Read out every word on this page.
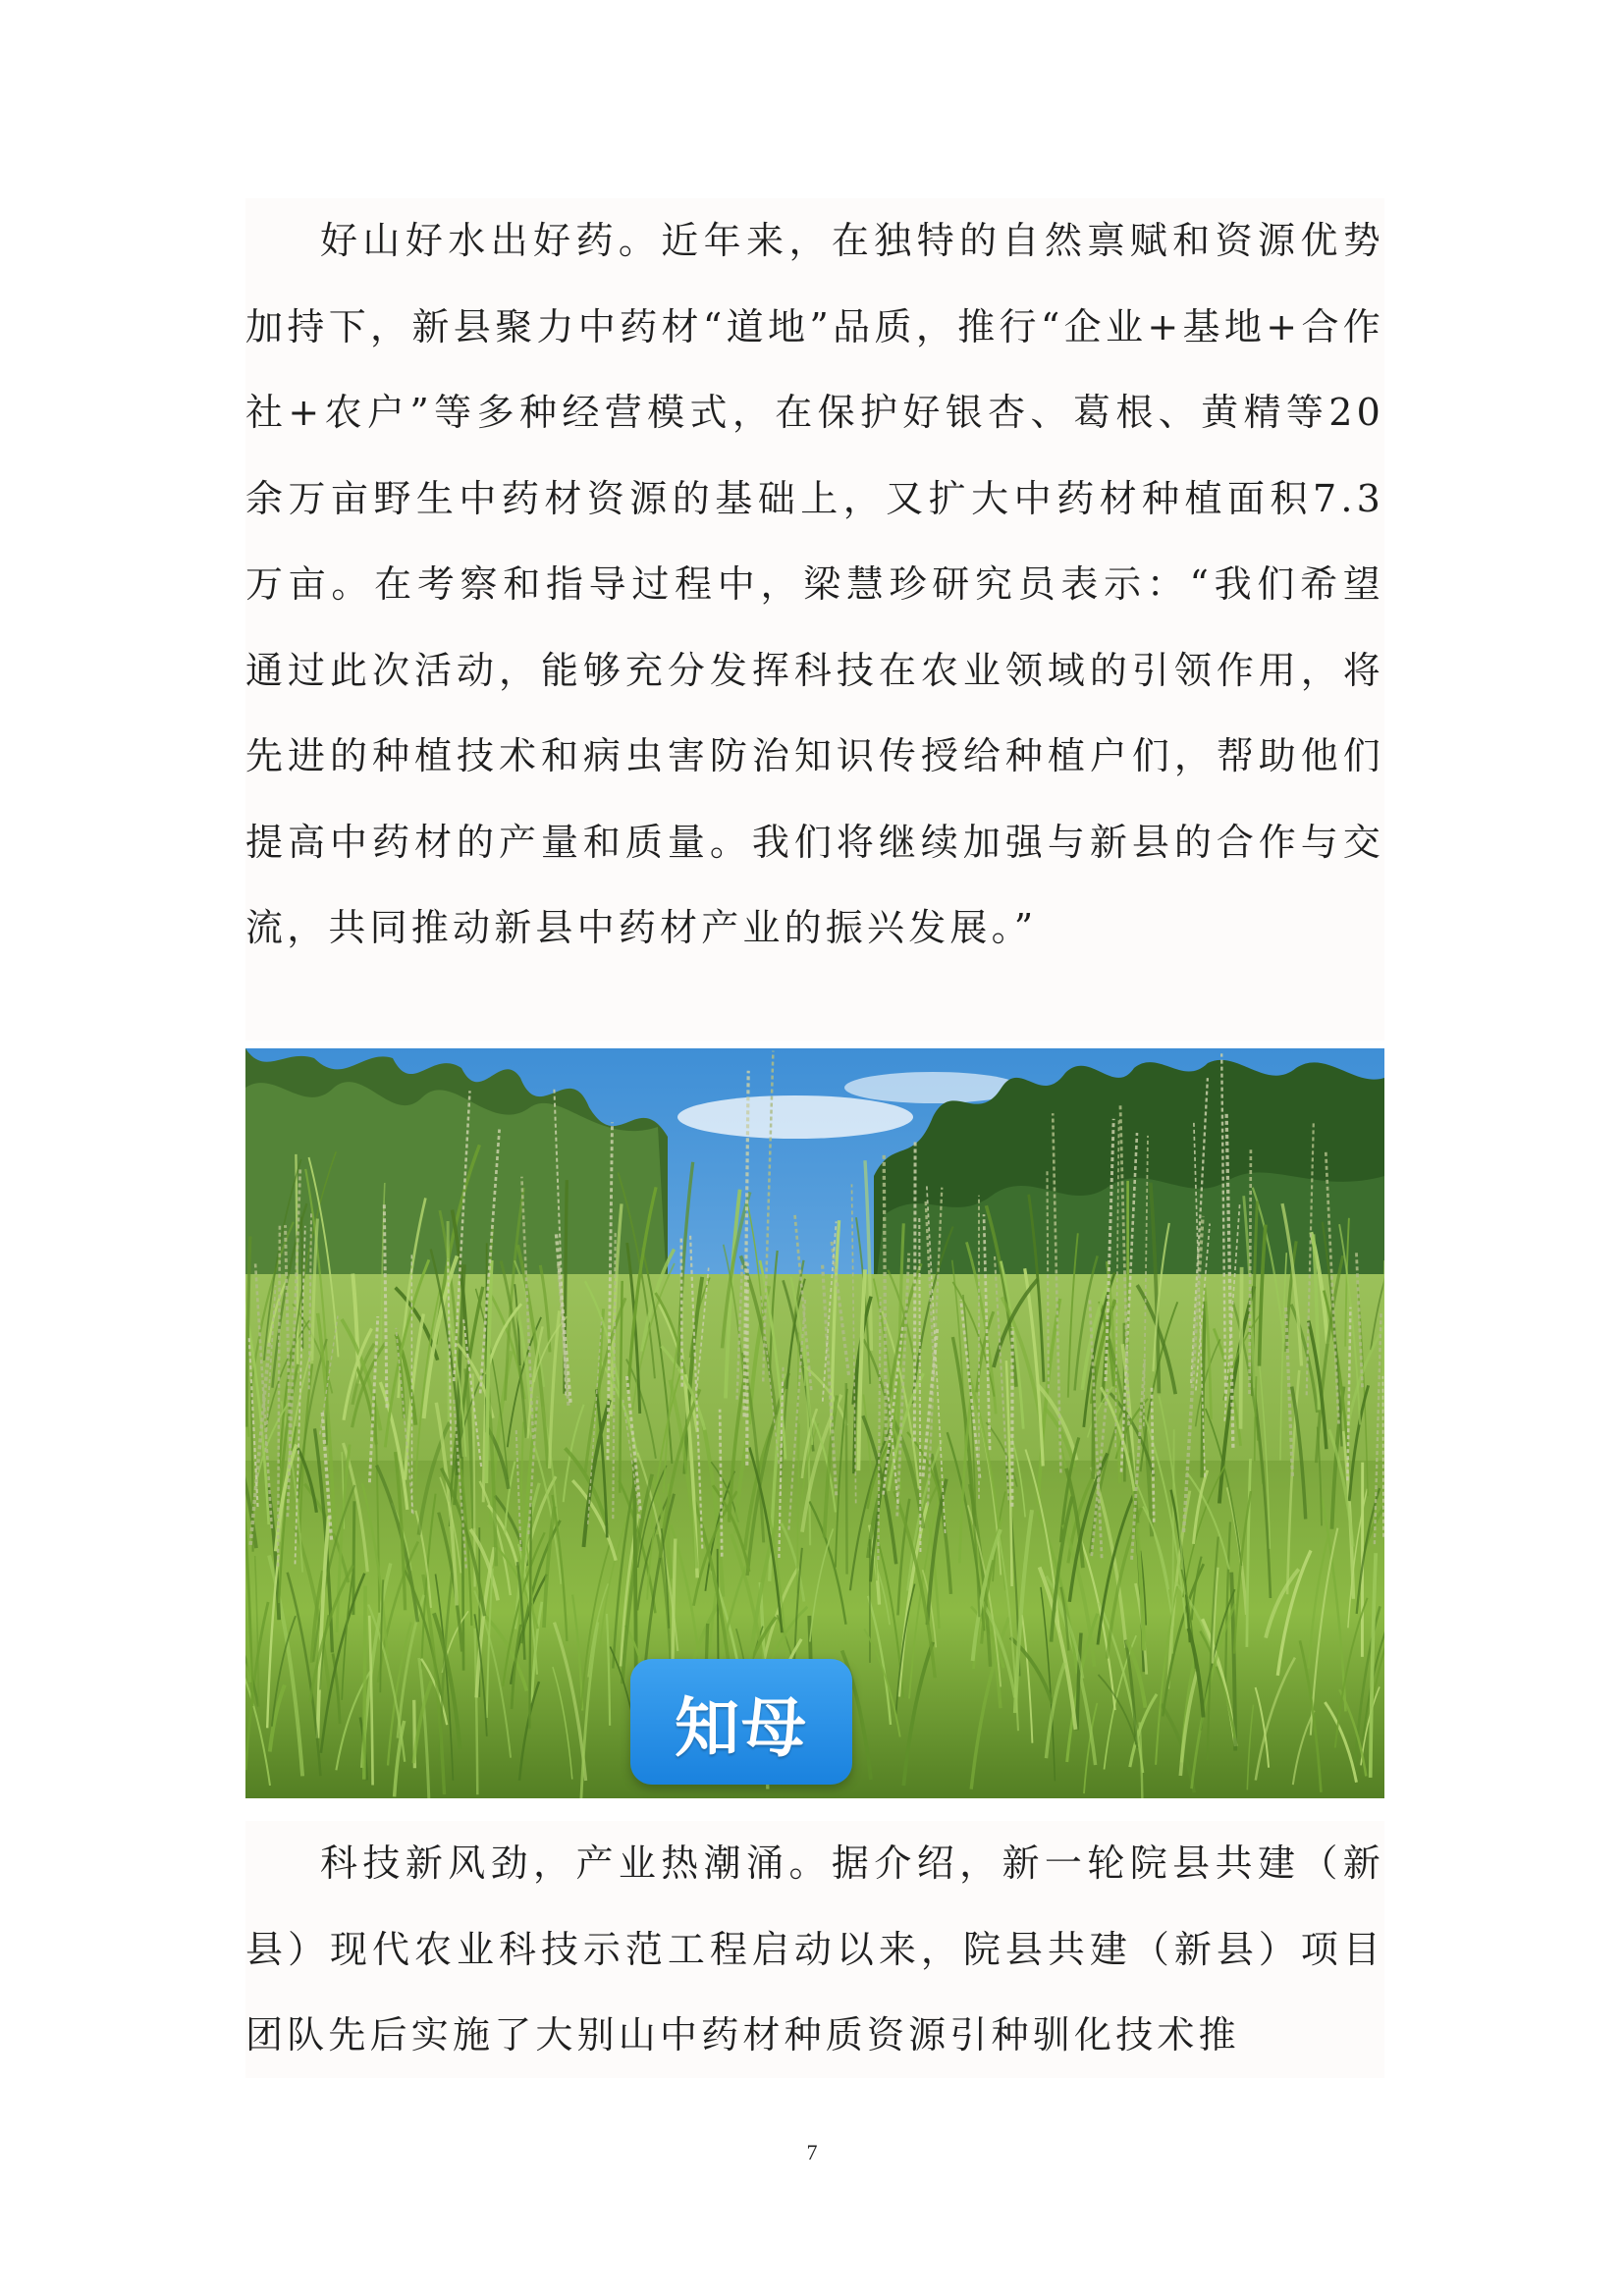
好山好水出好药。近年来，在独特的自然禀赋和资源优势加持下，新县聚力中药材“道地”品质，推行“企业+基地+合作社+农户”等多种经营模式，在保护好银杏、葛根、黄精等20余万亩野生中药材资源的基础上，又扩大中药材种植面积7.3万亩。在考察和指导过程中，梁慧珍研究员表示：“我们希望通过此次活动，能够充分发挥科技在农业领域的引领作用，将先进的种植技术和病虫害防治知识传授给种植户们，帮助他们提高中药材的产量和质量。我们将继续加强与新县的合作与交流，共同推动新县中药材产业的振兴发展。”

知母

科技新风劲，产业热潮涌。据介绍，新一轮院县共建（新县）现代农业科技示范工程启动以来，院县共建（新县）项目团队先后实施了大别山中药材种质资源引种驯化技术推

7
